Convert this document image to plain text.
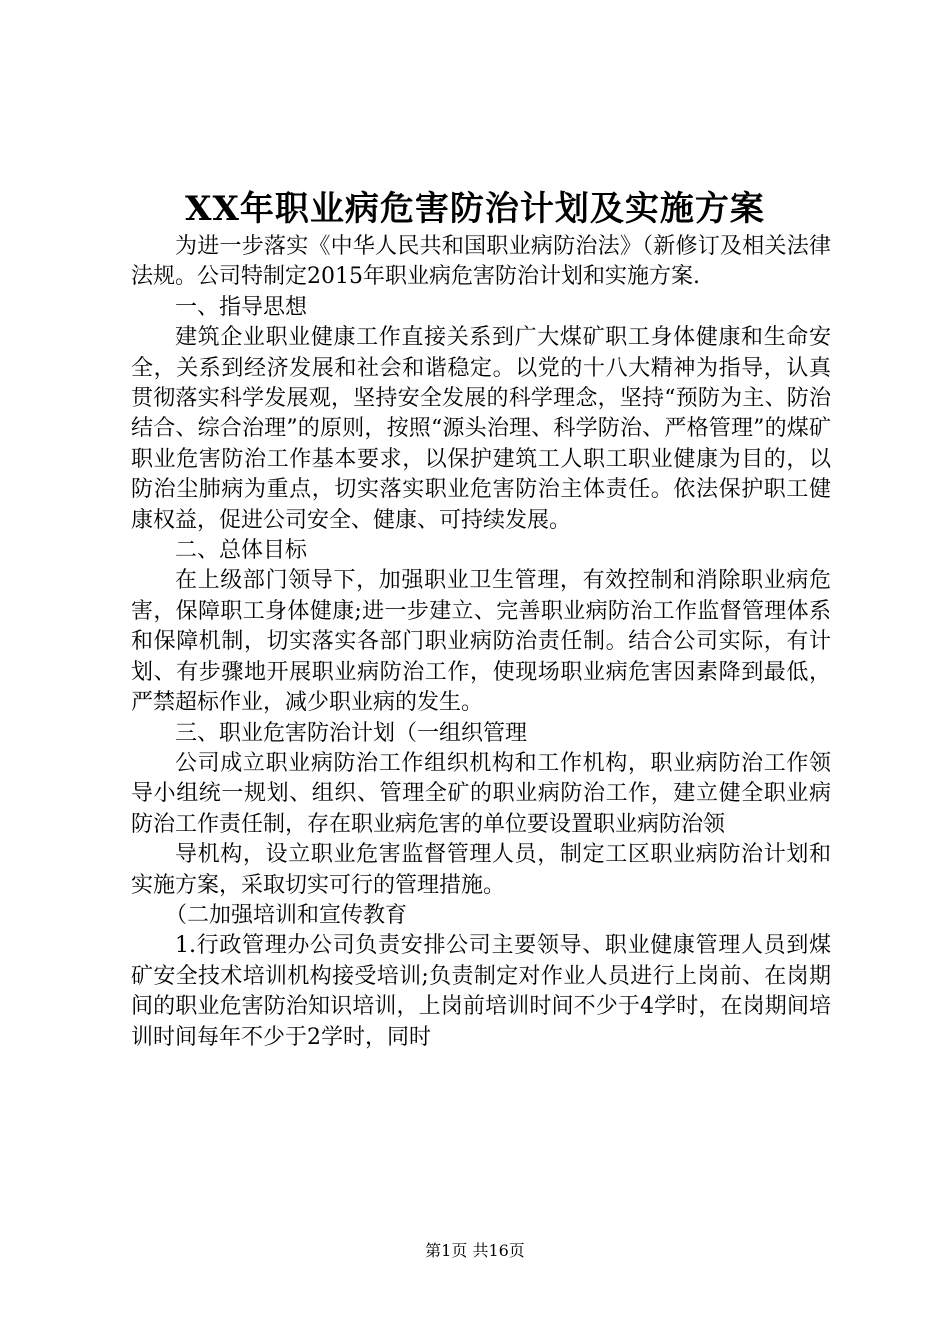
XX年职业病危害防治计划及实施方案

为进一步落实《中华人民共和国职业病防治法》（新修订及相关法律法规。公司特制定2015年职业病危害防治计划和实施方案.

一、指导思想

建筑企业职业健康工作直接关系到广大煤矿职工身体健康和生命安全，关系到经济发展和社会和谐稳定。以党的十八大精神为指导，认真贯彻落实科学发展观，坚持安全发展的科学理念，坚持“预防为主、防治结合、综合治理”的原则，按照“源头治理、科学防治、严格管理”的煤矿职业危害防治工作基本要求，以保护建筑工人职工职业健康为目的，以防治尘肺病为重点，切实落实职业危害防治主体责任。依法保护职工健康权益，促进公司安全、健康、可持续发展。

二、总体目标

在上级部门领导下，加强职业卫生管理，有效控制和消除职业病危害，保障职工身体健康;进一步建立、完善职业病防治工作监督管理体系和保障机制，切实落实各部门职业病防治责任制。结合公司实际，有计划、有步骤地开展职业病防治工作，使现场职业病危害因素降到最低，严禁超标作业，减少职业病的发生。

三、职业危害防治计划（一组织管理

公司成立职业病防治工作组织机构和工作机构，职业病防治工作领导小组统一规划、组织、管理全矿的职业病防治工作，建立健全职业病防治工作责任制，存在职业病危害的单位要设置职业病防治领

导机构，设立职业危害监督管理人员，制定工区职业病防治计划和实施方案，采取切实可行的管理措施。

（二加强培训和宣传教育

1.行政管理办公司负责安排公司主要领导、职业健康管理人员到煤矿安全技术培训机构接受培训;负责制定对作业人员进行上岗前、在岗期间的职业危害防治知识培训，上岗前培训时间不少于4学时，在岗期间培训时间每年不少于2学时，同时

第1页 共16页
